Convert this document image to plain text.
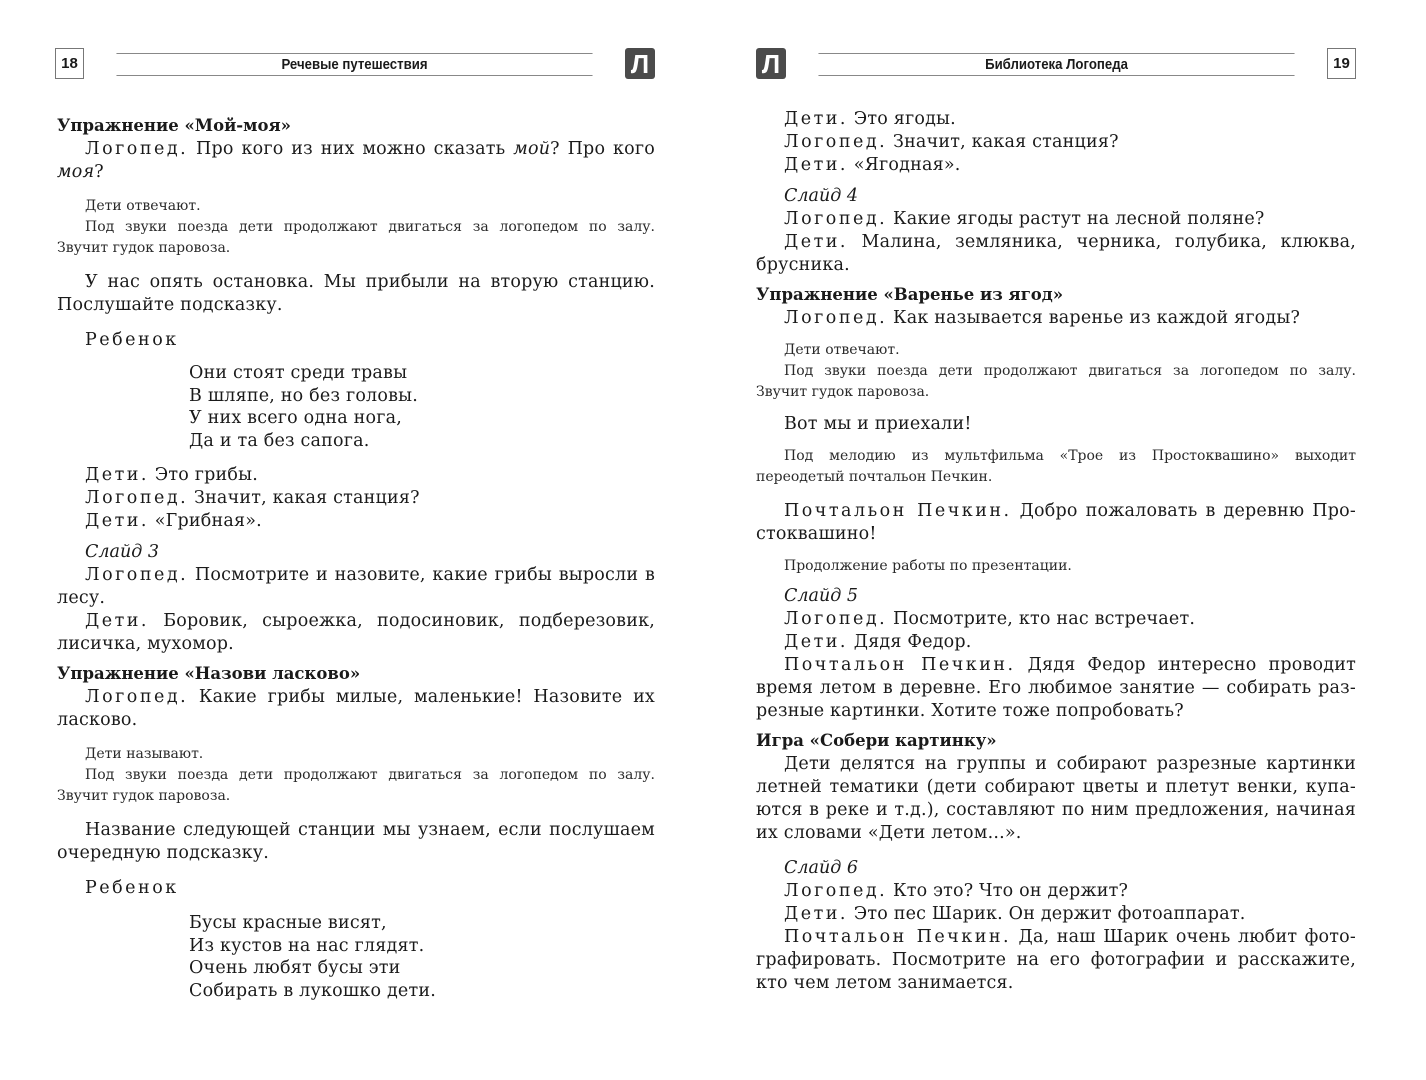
18	Речевые путешествия	Л
Упражнение «Мой-моя»
Логопед. Про кого из них можно сказать мой? Про кого
моя?
Дети отвечают.
Под звуки поезда дети продолжают двигаться за логопедом по залу.
Звучит гудок паровоза.
У нас опять остановка. Мы прибыли на вторую станцию.
Послушайте подсказку.
Ребенок
Они стоят среди травы
В шляпе, но без головы.
У них всего одна нога,
Да и та без сапога.
Дети. Это грибы.
Логопед. Значит, какая станция?
Дети. «Грибная».
Слайд 3
Логопед. Посмотрите и назовите, какие грибы выросли в
лесу.
Дети. Боровик, сыроежка, подосиновик, подберезовик,
лисичка, мухомор.
Упражнение «Назови ласково»
Логопед. Какие грибы милые, маленькие! Назовите их
ласково.
Дети называют.
Под звуки поезда дети продолжают двигаться за логопедом по залу.
Звучит гудок паровоза.
Название следующей станции мы узнаем, если послушаем
очередную подсказку.
Ребенок
Бусы красные висят,
Из кустов на нас глядят.
Очень любят бусы эти
Собирать в лукошко дети.
Л	Библиотека Логопеда	19
Дети. Это ягоды.
Логопед. Значит, какая станция?
Дети. «Ягодная».
Слайд 4
Логопед. Какие ягоды растут на лесной поляне?
Дети. Малина, земляника, черника, голубика, клюква,
брусника.
Упражнение «Варенье из ягод»
Логопед. Как называется варенье из каждой ягоды?
Дети отвечают.
Под звуки поезда дети продолжают двигаться за логопедом по залу.
Звучит гудок паровоза.
Вот мы и приехали!
Под мелодию из мультфильма «Трое из Простоквашино» выходит
переодетый почтальон Печкин.
Почтальон Печкин. Добро пожаловать в деревню Про-
стоквашино!
Продолжение работы по презентации.
Слайд 5
Логопед. Посмотрите, кто нас встречает.
Дети. Дядя Федор.
Почтальон Печкин. Дядя Федор интересно проводит
время летом в деревне. Его любимое занятие — собирать раз-
резные картинки. Хотите тоже попробовать?
Игра «Собери картинку»
Дети делятся на группы и собирают разрезные картинки
летней тематики (дети собирают цветы и плетут венки, купа-
ются в реке и т.д.), составляют по ним предложения, начиная
их словами «Дети летом...».
Слайд 6
Логопед. Кто это? Что он держит?
Дети. Это пес Шарик. Он держит фотоаппарат.
Почтальон Печкин. Да, наш Шарик очень любит фото-
графировать. Посмотрите на его фотографии и расскажите,
кто чем летом занимается.
